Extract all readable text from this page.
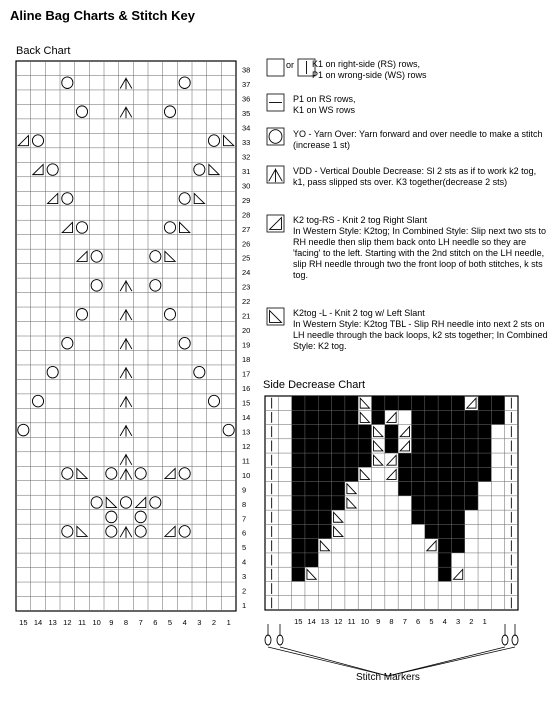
Aline Bag Charts & Stitch Key
Back Chart
Side Decrease Chart
1
2
3
4
5
6
7
8
9
10
11
12
13
14
15
16
17
18
19
20
21
22
23
24
25
26
27
28
29
30
31
32
33
34
35
36
37
38
15 14 13 12 11 10 9 8 7 6 5 4 3 2 1	15 14 13 12 11 10 9 8 7 6 5 4 3 2 1
or K1 on right-side (RS) rows,
P1 on wrong-side (WS) rows
P1 on RS rows,
K1 on WS rows
YO - Yarn Over: Yarn forward and over needle to make a stitch (increase 1 st)
VDD - Vertical Double Decrease: Sl 2 sts as if to work k2 tog, k1, pass slipped sts over. K3 together(decrease 2 sts)
K2 tog-RS - Knit 2 tog Right Slant
In Western Style: K2tog; In Combined Style: Slip next two sts to RH needle then slip them back onto LH needle so they are 'facing' to the left. Starting with the 2nd stitch on the LH needle, slip RH needle through two the front loop of both stitches, k sts tog.
K2tog -L - Knit 2 tog w/ Left Slant
In Western Style: K2tog TBL - Slip RH needle into next 2 sts on LH needle through the back loops, k2 sts together; In Combined Style: K2 tog.
Stitch Markers
